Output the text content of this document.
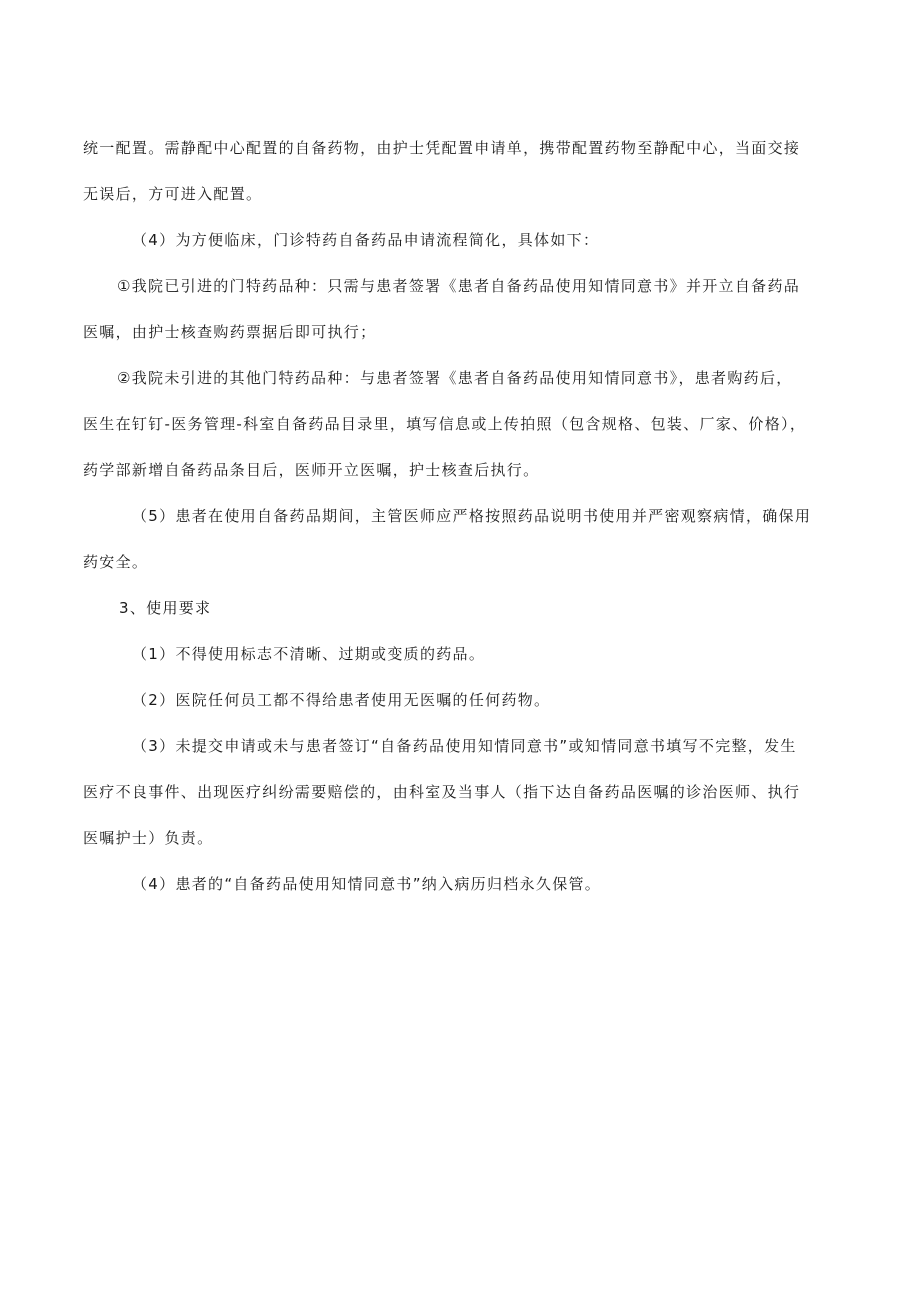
统一配置。需静配中心配置的自备药物，由护士凭配置申请单，携带配置药物至静配中心，当面交接
无误后，方可进入配置。
（4）为方便临床，门诊特药自备药品申请流程简化，具体如下：
①我院已引进的门特药品种：只需与患者签署《患者自备药品使用知情同意书》并开立自备药品
医嘱，由护士核查购药票据后即可执行；
②我院未引进的其他门特药品种：与患者签署《患者自备药品使用知情同意书》，患者购药后，
医生在钉钉-医务管理-科室自备药品目录里，填写信息或上传拍照（包含规格、包装、厂家、价格），
药学部新增自备药品条目后，医师开立医嘱，护士核查后执行。
（5）患者在使用自备药品期间，主管医师应严格按照药品说明书使用并严密观察病情，确保用
药安全。
3、使用要求
（1）不得使用标志不清晰、过期或变质的药品。
（2）医院任何员工都不得给患者使用无医嘱的任何药物。
（3）未提交申请或未与患者签订“自备药品使用知情同意书”或知情同意书填写不完整，发生
医疗不良事件、出现医疗纠纷需要赔偿的，由科室及当事人（指下达自备药品医嘱的诊治医师、执行
医嘱护士）负责。
（4）患者的“自备药品使用知情同意书”纳入病历归档永久保管。
